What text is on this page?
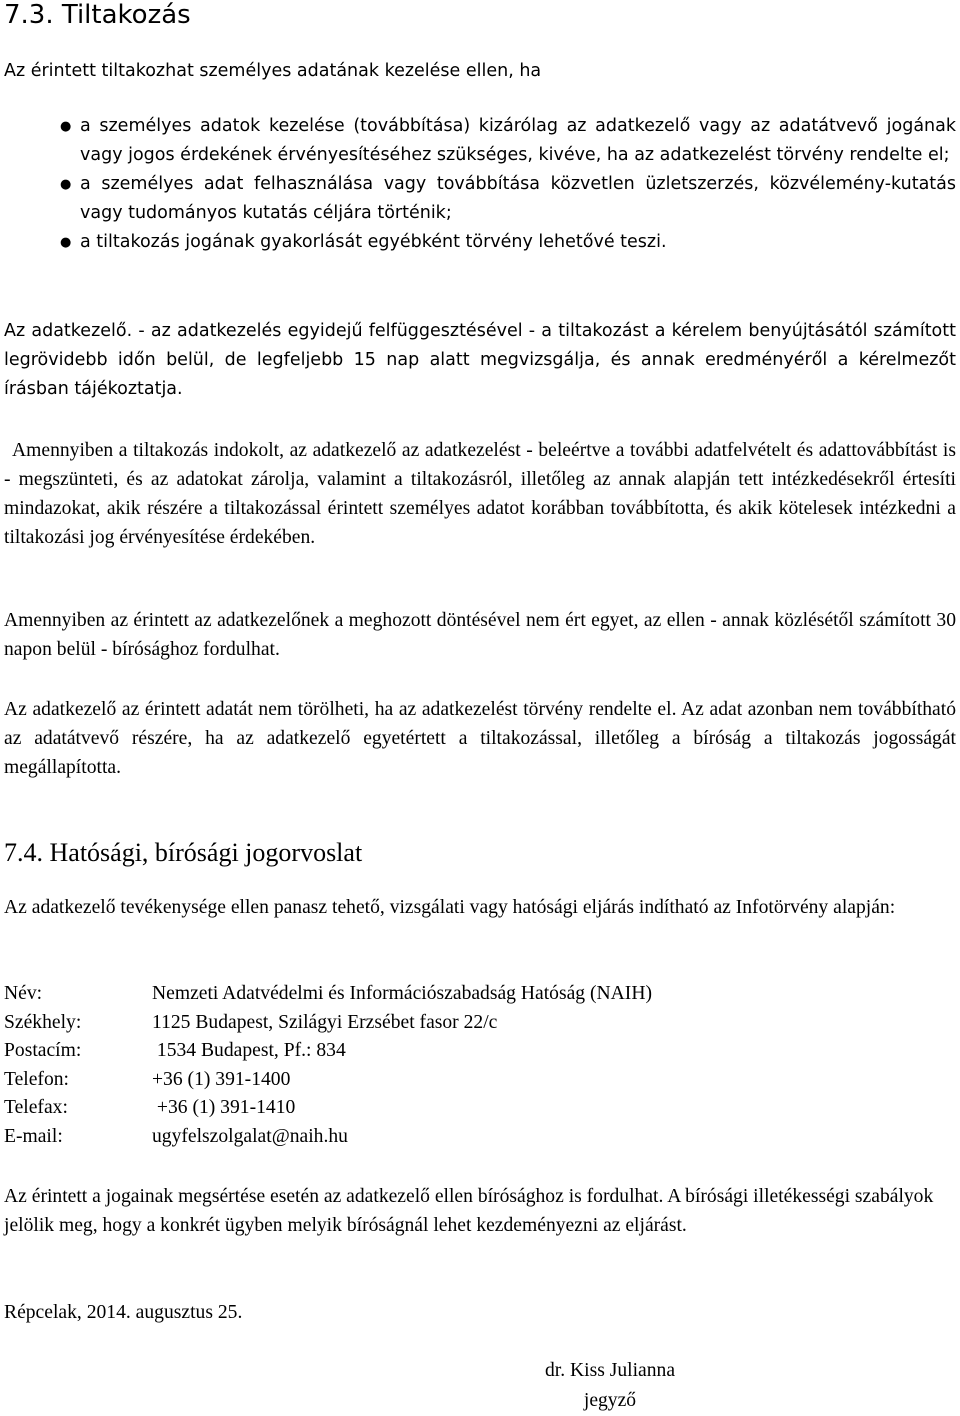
7.3. Tiltakozás

Az érintett tiltakozhat személyes adatának kezelése ellen, ha

● a személyes adatok kezelése (továbbítása) kizárólag az adatkezelő vagy az adatátvevő jogának vagy jogos érdekének érvényesítéséhez szükséges, kivéve, ha az adatkezelést törvény rendelte el;
● a személyes adat felhasználása vagy továbbítása közvetlen üzletszerzés, közvélemény-kutatás vagy tudományos kutatás céljára történik;
● a tiltakozás jogának gyakorlását egyébként törvény lehetővé teszi.

Az adatkezelő. - az adatkezelés egyidejű felfüggesztésével - a tiltakozást a kérelem benyújtásától számított legrövidebb időn belül, de legfeljebb 15 nap alatt megvizsgálja, és annak eredményéről a kérelmezőt írásban tájékoztatja.

Amennyiben a tiltakozás indokolt, az adatkezelő az adatkezelést - beleértve a további adatfelvételt és adattovábbítást is - megszünteti, és az adatokat zárolja, valamint a tiltakozásról, illetőleg az annak alapján tett intézkedésekről értesíti mindazokat, akik részére a tiltakozással érintett személyes adatot korábban továbbította, és akik kötelesek intézkedni a tiltakozási jog érvényesítése érdekében.

Amennyiben az érintett az adatkezelőnek a meghozott döntésével nem ért egyet, az ellen - annak közlésétől számított 30 napon belül - bírósághoz fordulhat.

Az adatkezelő az érintett adatát nem törölheti, ha az adatkezelést törvény rendelte el. Az adat azonban nem továbbítható az adatátvevő részére, ha az adatkezelő egyetértett a tiltakozással, illetőleg a bíróság a tiltakozás jogosságát megállapította.

7.4. Hatósági, bírósági jogorvoslat

Az adatkezelő tevékenysége ellen panasz tehető, vizsgálati vagy hatósági eljárás indítható az Infotörvény alapján:

Név:	Nemzeti Adatvédelmi és Információszabadság Hatóság (NAIH)
Székhely:	1125 Budapest, Szilágyi Erzsébet fasor 22/c
Postacím:	1534 Budapest, Pf.: 834
Telefon:	+36 (1) 391-1400
Telefax:	+36 (1) 391-1410
E-mail:	ugyfelszolgalat@naih.hu

Az érintett a jogainak megsértése esetén az adatkezelő ellen bírósághoz is fordulhat. A bírósági illetékességi szabályok jelölik meg, hogy a konkrét ügyben melyik bíróságnál lehet kezdeményezni az eljárást.

Répcelak, 2014. augusztus 25.

dr. Kiss Julianna
jegyző
